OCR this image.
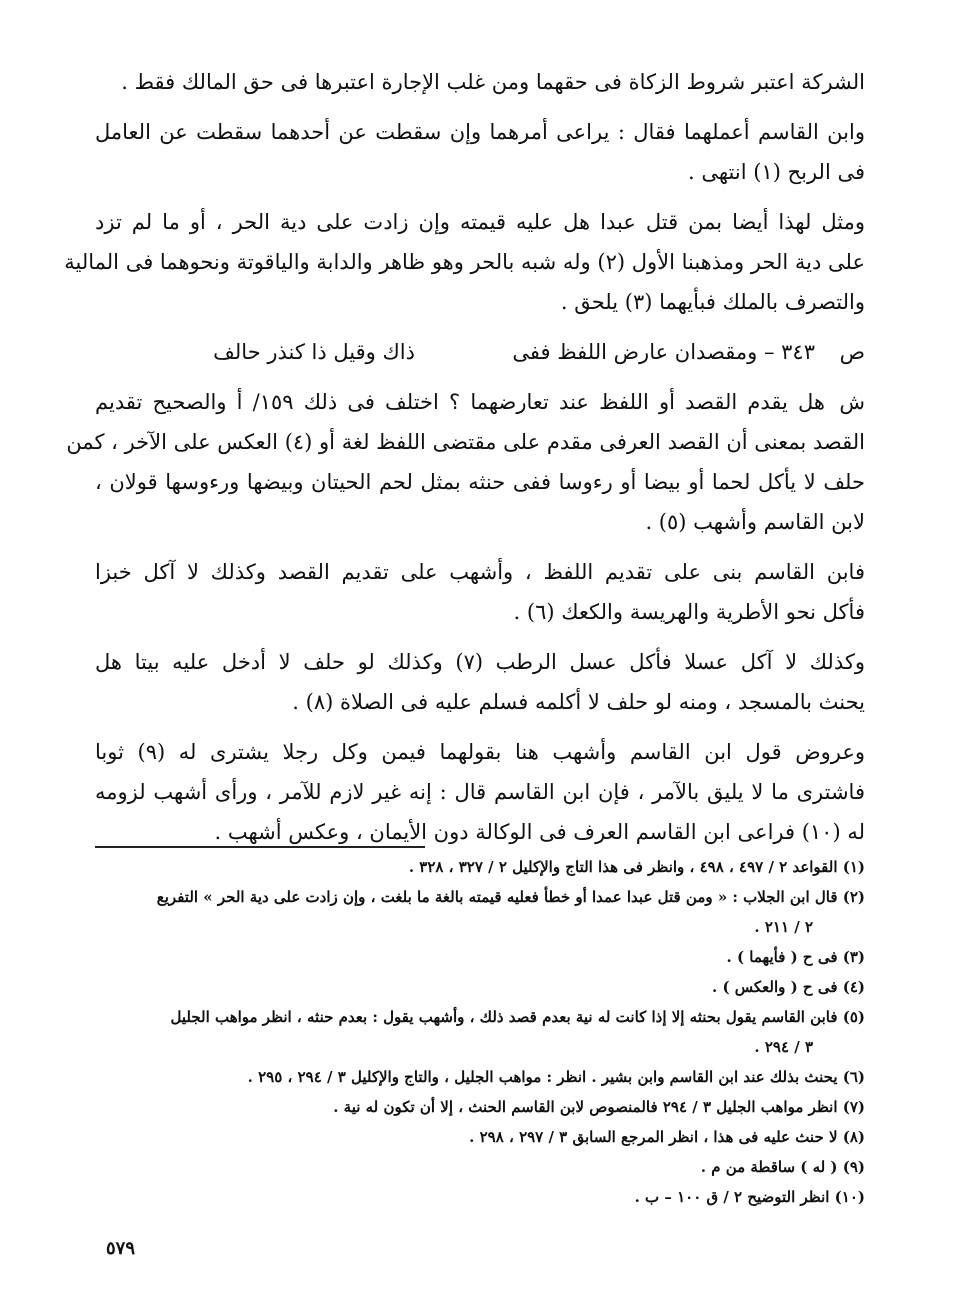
الشركة اعتبر شروط الزكاة فى حقهما ومن غلب الإجارة اعتبرها فى حق المالك فقط .
وابن القاسم أعملهما فقال : يراعى أمرهما وإن سقطت عن أحدهما سقطت عن العامل
فى الربح (١) انتهى .
ومثل لهذا أيضا بمن قتل عبدا هل عليه قيمته وإن زادت على دية الحر ، أو ما لم تزد
على دية الحر ومذهبنا الأول (٢) وله شبه بالحر وهو ظاهر والدابة والياقوتة ونحوهما فى المالية
والتصرف بالملك فبأيهما (٣) يلحق .
ص
٣٤٣ – ومقصدان عارض اللفظ ففى
ذاك وقيل ذا كنذر حالف
شهل يقدم القصد أو اللفظ عند تعارضهما ؟ اختلف فى ذلك ١٥٩/ أ والصحيح تقديم
القصد بمعنى أن القصد العرفى مقدم على مقتضى اللفظ لغة أو (٤) العكس على الآخر ، كمن
حلف لا يأكل لحما أو بيضا أو رءوسا ففى حنثه بمثل لحم الحيتان وبيضها ورءوسها قولان ،
لابن القاسم وأشهب (٥) .
فابن القاسم بنى على تقديم اللفظ ، وأشهب على تقديم القصد وكذلك لا آكل خبزا
فأكل نحو الأطرية والهريسة والكعك (٦) .
وكذلك لا آكل عسلا فأكل عسل الرطب (٧) وكذلك لو حلف لا أدخل عليه بيتا هل
يحنث بالمسجد ، ومنه لو حلف لا أكلمه فسلم عليه فى الصلاة (٨) .
وعروض قول ابن القاسم وأشهب هنا بقولهما فيمن وكل رجلا يشترى له (٩) ثوبا
فاشترى ما لا يليق بالآمر ، فإن ابن القاسم قال : إنه غير لازم للآمر ، ورأى أشهب لزومه
له (١٠) فراعى ابن القاسم العرف فى الوكالة دون الأيمان ، وعكس أشهب .
(١) القواعد ٢ / ٤٩٧ ، ٤٩٨ ، وانظر فى هذا التاج والإكليل ٢ / ٣٢٧ ، ٣٢٨ .
(٢) قال ابن الجلاب : « ومن قتل عبدا عمدا أو خطأ فعليه قيمته بالغة ما بلغت ، وإن زادت على دية الحر » التفريع
٢ / ٢١١ .
(٣) فى ح ( فأيهما ) .
(٤) فى ح ( والعكس ) .
(٥) فابن القاسم يقول بحنثه إلا إذا كانت له نية بعدم قصد ذلك ، وأشهب يقول : بعدم حنثه ، انظر مواهب الجليل
٣ / ٢٩٤ .
(٦) يحنث بذلك عند ابن القاسم وابن بشير . انظر : مواهب الجليل ، والتاج والإكليل ٣ / ٢٩٤ ، ٢٩٥ .
(٧) انظر مواهب الجليل ٣ / ٢٩٤ فالمنصوص لابن القاسم الحنث ، إلا أن تكون له نية .
(٨) لا حنث عليه فى هذا ، انظر المرجع السابق ٣ / ٢٩٧ ، ٢٩٨ .
(٩) ( له ) ساقطة من م .
(١٠) انظر التوضيح ٢ / ق ١٠٠ – ب .
٥٧٩
